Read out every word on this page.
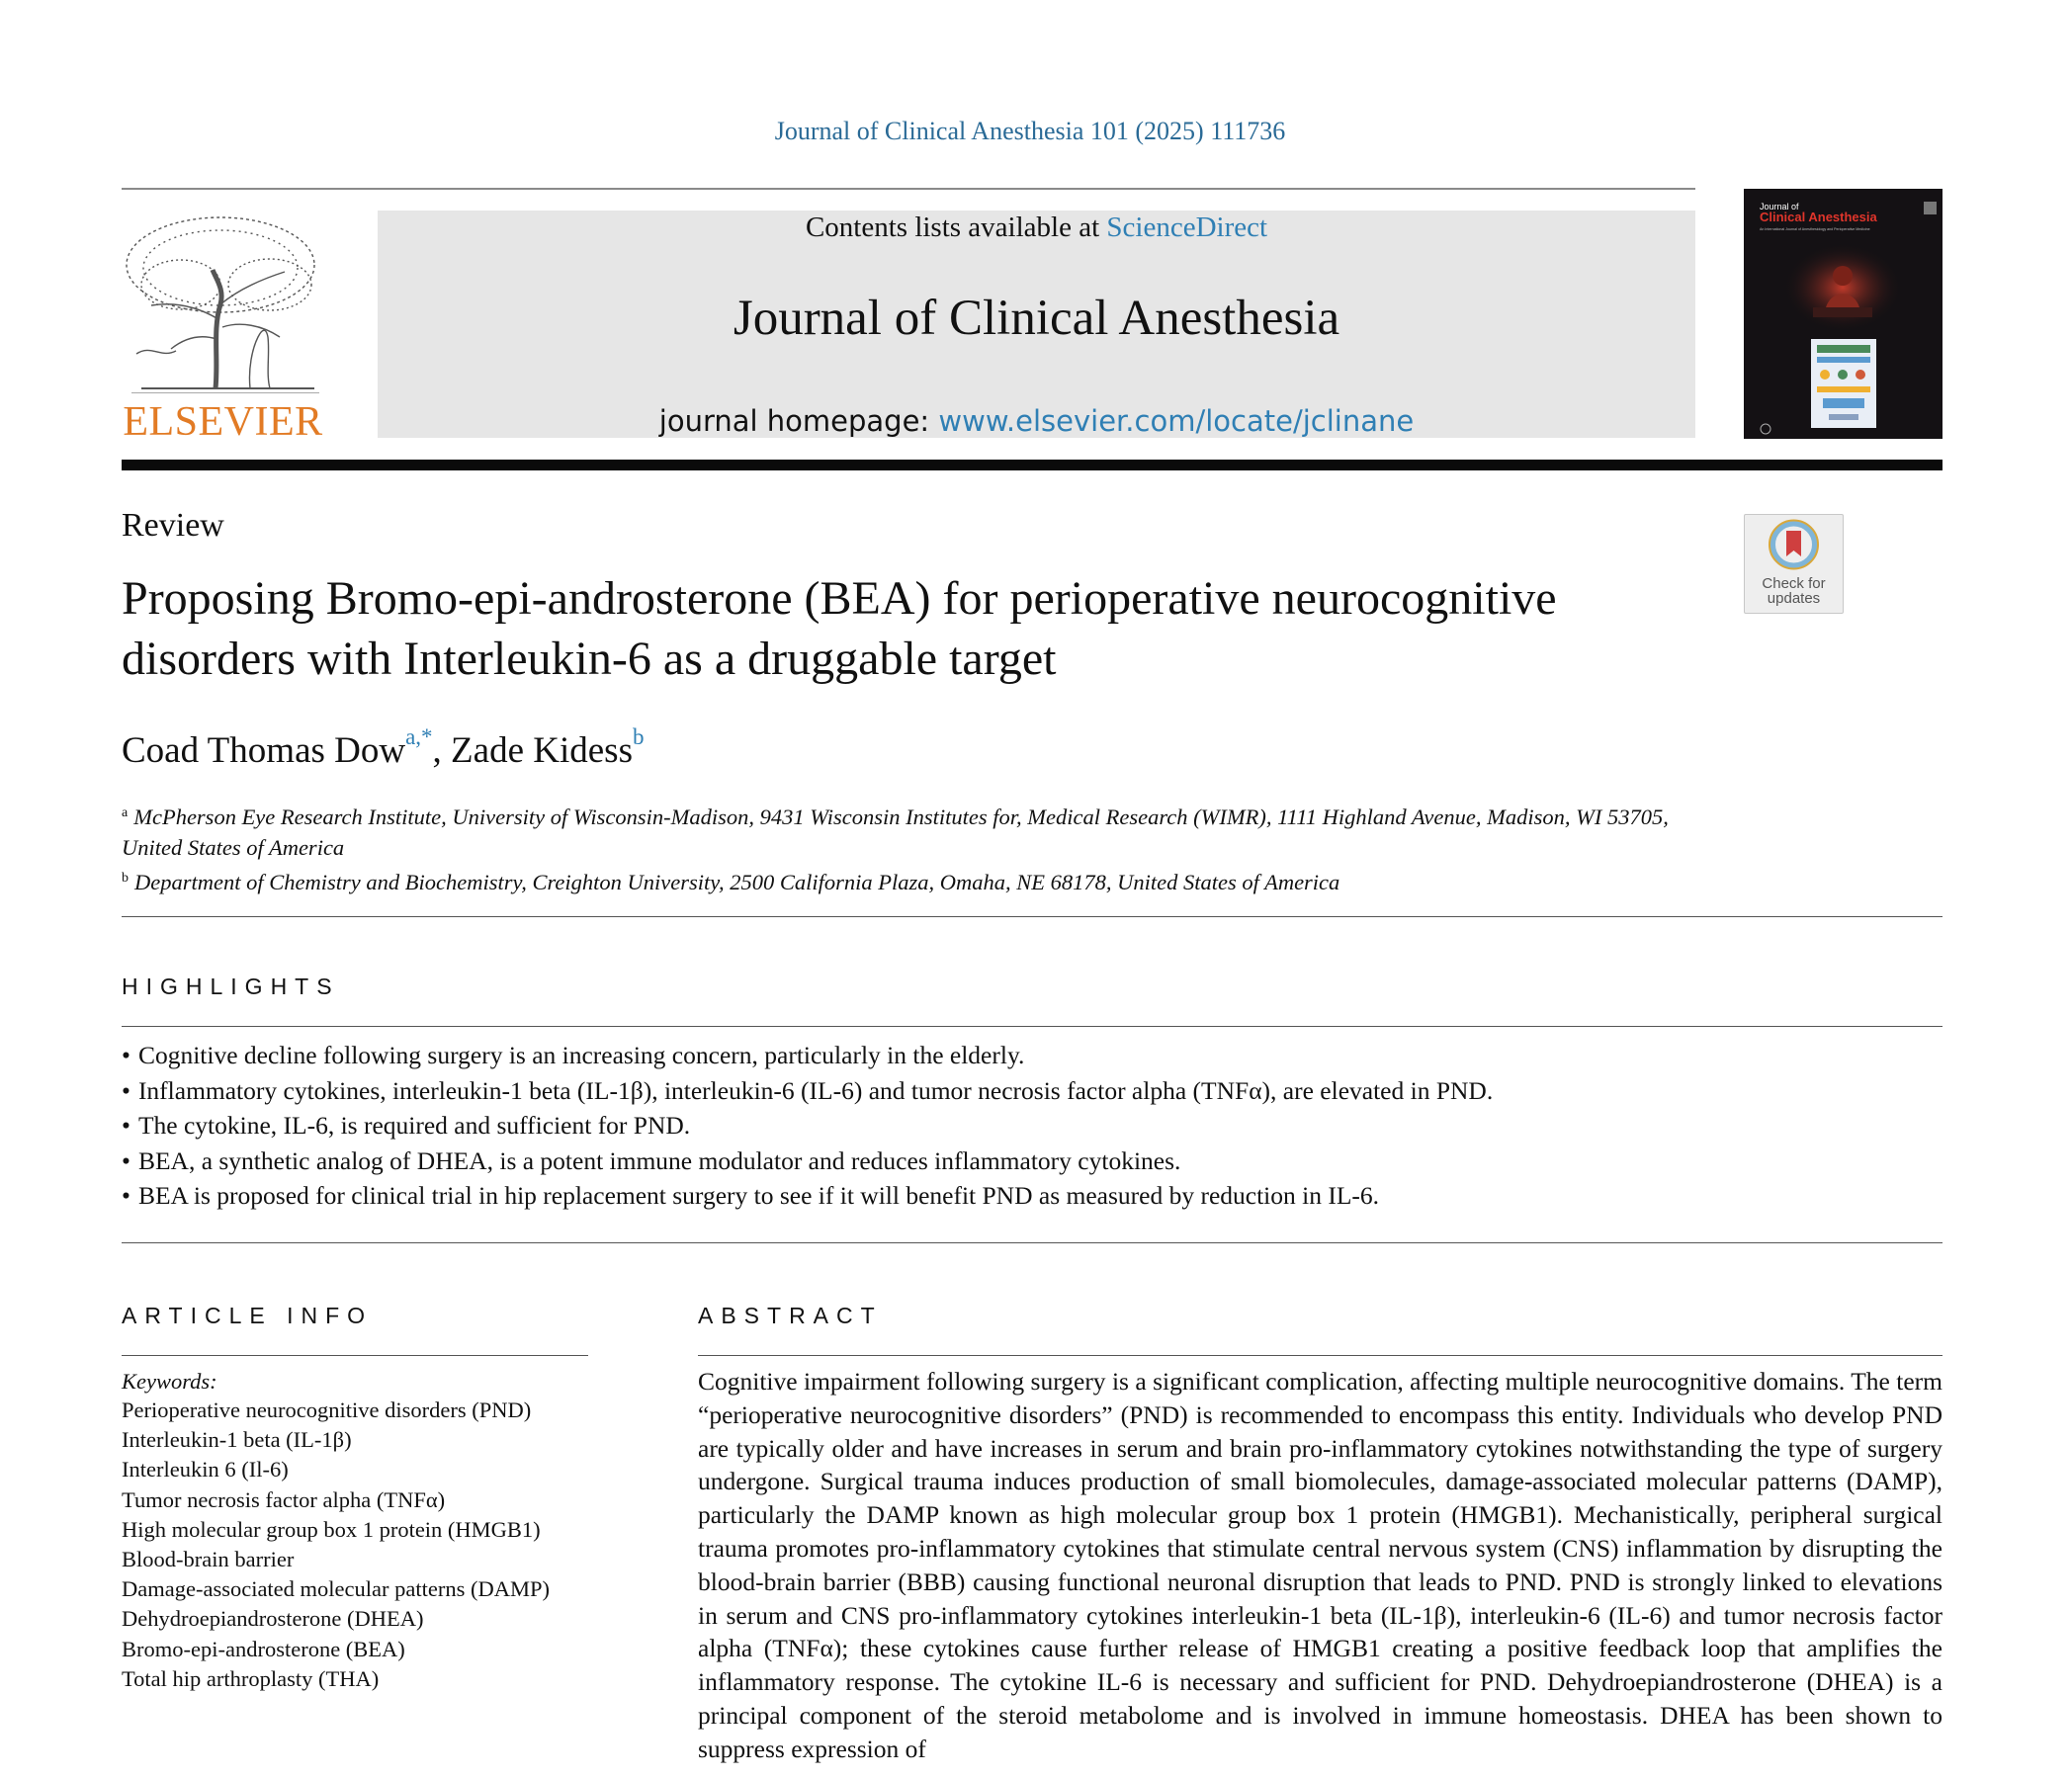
Journal of Clinical Anesthesia 101 (2025) 111736
ELSEVIER
Contents lists available at ScienceDirect
Journal of Clinical Anesthesia
journal homepage: www.elsevier.com/locate/jclinane
Journal of
Clinical Anesthesia
An International Journal of Anesthesiology and Perioperative Medicine
Review
Check for
updates
Proposing Bromo-epi-androsterone (BEA) for perioperative neurocognitive disorders with Interleukin-6 as a druggable target
Coad Thomas Dow$^{a,*}$, Zade Kidess$^b$
$^a$ McPherson Eye Research Institute, University of Wisconsin-Madison, 9431 Wisconsin Institutes for, Medical Research (WIMR), 1111 Highland Avenue, Madison, WI 53705, United States of America
$^b$ Department of Chemistry and Biochemistry, Creighton University, 2500 California Plaza, Omaha, NE 68178, United States of America
HIGHLIGHTS
• Cognitive decline following surgery is an increasing concern, particularly in the elderly.
• Inflammatory cytokines, interleukin-1 beta (IL-1β), interleukin-6 (IL-6) and tumor necrosis factor alpha (TNFα), are elevated in PND.
• The cytokine, IL-6, is required and sufficient for PND.
• BEA, a synthetic analog of DHEA, is a potent immune modulator and reduces inflammatory cytokines.
• BEA is proposed for clinical trial in hip replacement surgery to see if it will benefit PND as measured by reduction in IL-6.
ARTICLE INFO
Keywords:
Perioperative neurocognitive disorders (PND)
Interleukin-1 beta (IL-1β)
Interleukin 6 (Il-6)
Tumor necrosis factor alpha (TNFα)
High molecular group box 1 protein (HMGB1)
Blood-brain barrier
Damage-associated molecular patterns (DAMP)
Dehydroepiandrosterone (DHEA)
Bromo-epi-androsterone (BEA)
Total hip arthroplasty (THA)
ABSTRACT

Cognitive impairment following surgery is a significant complication, affecting multiple neurocognitive domains. The term “perioperative neurocognitive disorders” (PND) is recommended to encompass this entity. Individuals who develop PND are typically older and have increases in serum and brain pro-inflammatory cytokines notwithstanding the type of surgery undergone. Surgical trauma induces production of small biomolecules, damage-associated molecular patterns (DAMP), particularly the DAMP known as high molecular group box 1 protein (HMGB1). Mechanistically, peripheral surgical trauma promotes pro-inflammatory cytokines that stimulate central nervous system (CNS) inflammation by disrupting the blood-brain barrier (BBB) causing functional neuronal disruption that leads to PND. PND is strongly linked to elevations in serum and CNS pro-inflammatory cytokines interleukin-1 beta (IL-1β), interleukin-6 (IL-6) and tumor necrosis factor alpha (TNFα); these cytokines cause further release of HMGB1 creating a positive feedback loop that amplifies the inflammatory response. The cytokine IL-6 is necessary and sufficient for PND. Dehydroepiandrosterone (DHEA) is a principal component of the steroid metabolome and is involved in immune homeostasis. DHEA has been shown to suppress expression of
